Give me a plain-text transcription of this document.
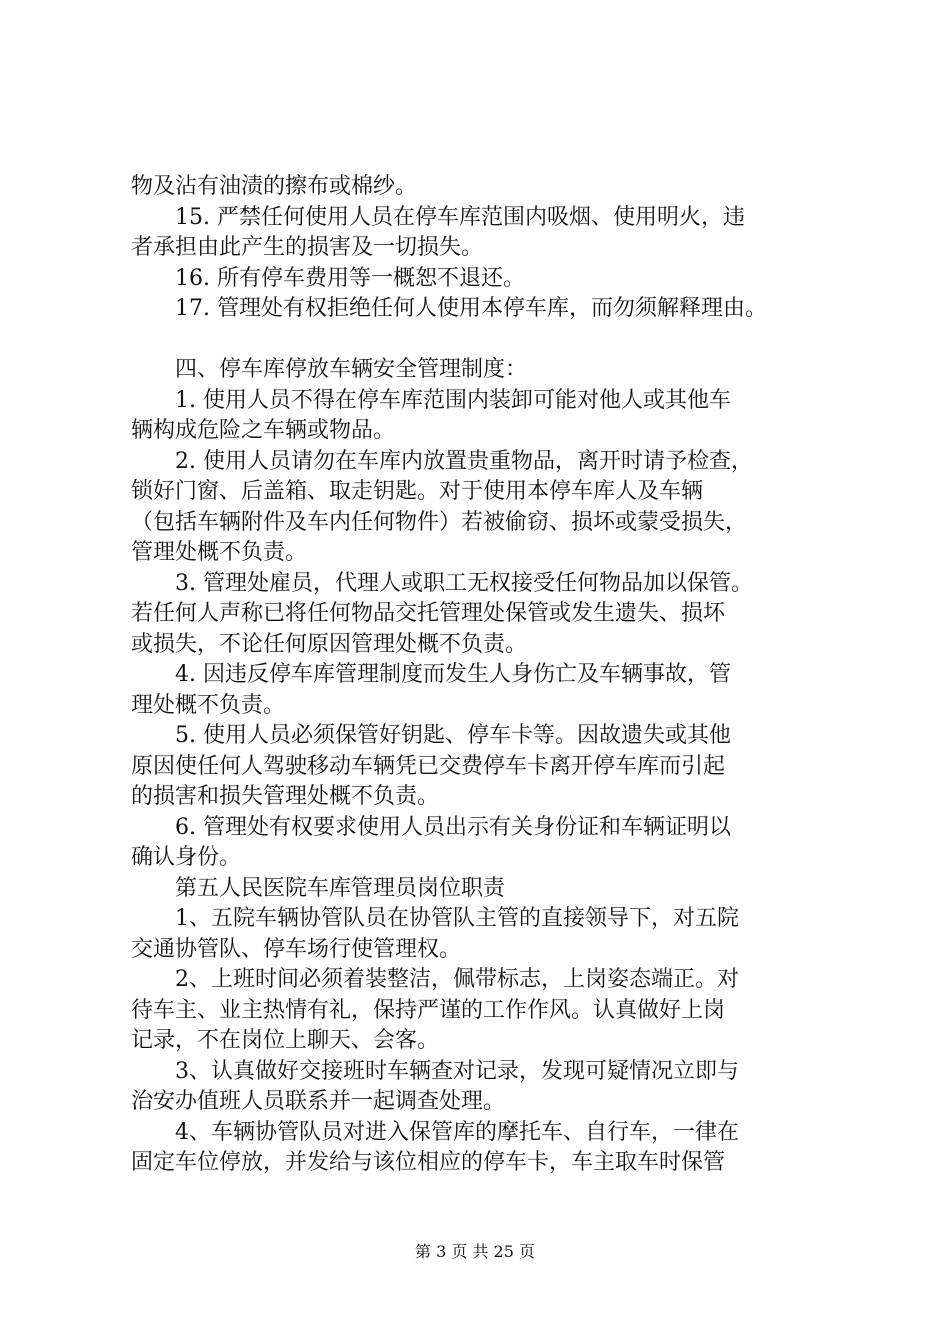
物及沾有油渍的擦布或棉纱。
15. 严禁任何使用人员在停车库范围内吸烟、使用明火，违
者承担由此产生的损害及一切损失。
16. 所有停车费用等一概恕不退还。
17. 管理处有权拒绝任何人使用本停车库，而勿须解释理由。
四、停车库停放车辆安全管理制度：
1. 使用人员不得在停车库范围内装卸可能对他人或其他车
辆构成危险之车辆或物品。
2. 使用人员请勿在车库内放置贵重物品，离开时请予检查，
锁好门窗、后盖箱、取走钥匙。对于使用本停车库人及车辆
（包括车辆附件及车内任何物件）若被偷窃、损坏或蒙受损失，
管理处概不负责。
3. 管理处雇员，代理人或职工无权接受任何物品加以保管。
若任何人声称已将任何物品交托管理处保管或发生遗失、损坏
或损失，不论任何原因管理处概不负责。
4. 因违反停车库管理制度而发生人身伤亡及车辆事故，管
理处概不负责。
5. 使用人员必须保管好钥匙、停车卡等。因故遗失或其他
原因使任何人驾驶移动车辆凭已交费停车卡离开停车库而引起
的损害和损失管理处概不负责。
6. 管理处有权要求使用人员出示有关身份证和车辆证明以
确认身份。
第五人民医院车库管理员岗位职责
1、五院车辆协管队员在协管队主管的直接领导下，对五院
交通协管队、停车场行使管理权。
2、上班时间必须着装整洁，佩带标志，上岗姿态端正。对
待车主、业主热情有礼，保持严谨的工作作风。认真做好上岗
记录，不在岗位上聊天、会客。
3、认真做好交接班时车辆查对记录，发现可疑情况立即与
治安办值班人员联系并一起调查处理。
4、车辆协管队员对进入保管库的摩托车、自行车，一律在
固定车位停放，并发给与该位相应的停车卡，车主取车时保管
第 3 页 共 25 页
